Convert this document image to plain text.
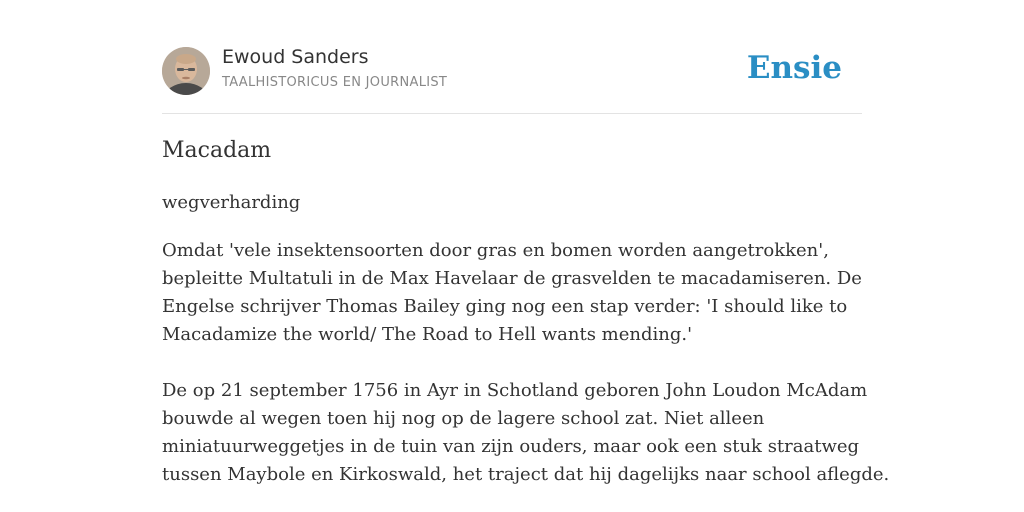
Ewoud Sanders
TAALHISTORICUS EN JOURNALIST	Ensie
Macadam
wegverharding

Omdat 'vele insektensoorten door gras en bomen worden aangetrokken',
bepleitte Multatuli in de Max Havelaar de grasvelden te macadamiseren. De
Engelse schrijver Thomas Bailey ging nog een stap verder: 'I should like to
Macadamize the world/ The Road to Hell wants mending.'

De op 21 september 1756 in Ayr in Schotland geboren John Loudon McAdam
bouwde al wegen toen hij nog op de lagere school zat. Niet alleen
miniatuurweggetjes in de tuin van zijn ouders, maar ook een stuk straatweg
tussen Maybole en Kirkoswald, het traject dat hij dagelijks naar school aflegde.
